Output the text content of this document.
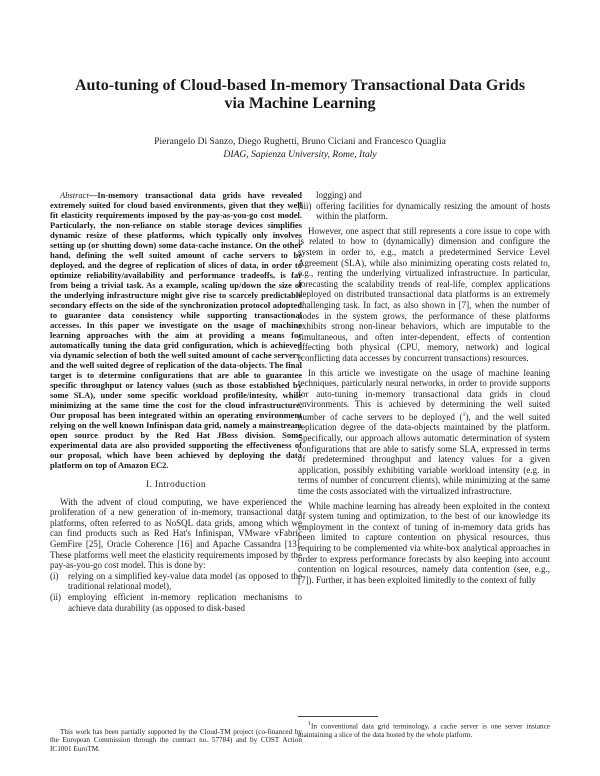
Auto-tuning of Cloud-based In-memory Transactional Data Grids
via Machine Learning
Pierangelo Di Sanzo, Diego Rughetti, Bruno Ciciani and Francesco Quaglia
DIAG, Sapienza University, Rome, Italy

Abstract—In-memory transactional data grids have revealed extremely suited for cloud based environments, given that they well fit elasticity requirements imposed by the pay-as-you-go cost model. Particularly, the non-reliance on stable storage devices simplifies dynamic resize of these platforms, which typically only involves setting up (or shutting down) some data-cache instance. On the other hand, defining the well suited amount of cache servers to be deployed, and the degree of replication of slices of data, in order to optimize reliability/availability and performance tradeoffs, is far from being a trivial task. As a example, scaling up/down the size of the underlying infrastructure might give rise to scarcely predictable secondary effects on the side of the synchronization protocol adopted to guarantee data consistency while supporting transactional accesses. In this paper we investigate on the usage of machine learning approaches with the aim at providing a means for automatically tuning the data grid configuration, which is achieved via dynamic selection of both the well suited amount of cache servers, and the well suited degree of replication of the data-objects. The final target is to determine configurations that are able to guarantee specific throughput or latency values (such as those established by some SLA), under some specific workload profile/intesity, while minimizing at the same time the cost for the cloud infrastructure. Our proposal has been integrated within an operating environment relying on the well known Infinispan data grid, namely a mainstream open source product by the Red Hat JBoss division. Some experimental data are also provided supporting the effectiveness of our proposal, which have been achieved by deploying the data platform on top of Amazon EC2.

I. Introduction

With the advent of cloud computing, we have experienced the proliferation of a new generation of in-memory, transactional data platforms, often referred to as NoSQL data grids, among which we can find products such as Red Hat's Infinispan, VMware vFabric GemFire [25], Oracle Coherence [16] and Apache Cassandra [13]. These platforms well meet the elasticity requirements imposed by the pay-as-you-go cost model. This is done by:

(i)	relying on a simplified key-value data model (as opposed to the traditional relational model),
(ii) employing efficient in-memory replication mechanisms to achieve data durability (as opposed to disk-based
logging) and
(iii) offering facilities for dynamically resizing the amount of hosts within the platform.

However, one aspect that still represents a core issue to cope with is related to how to (dynamically) dimension and configure the system in order to, e.g., match a predetermined Service Level Agreement (SLA), while also minimizing operating costs related to, e.g., renting the underlying virtualized infrastructure. In particular, forecasting the scalability trends of real-life, complex applications deployed on distributed transactional data platforms is an extremely challenging task. In fact, as also shown in [7], when the number of nodes in the system grows, the performance of these platforms exhibits strong non-linear behaviors, which are imputable to the simultaneous, and often inter-dependent, effects of contention affecting both physical (CPU, memory, network) and logical (conflicting data accesses by concurrent transactions) resources.

In this article we investigate on the usage of machine leaning techniques, particularly neural networks, in order to provide supports for auto-tuning in-memory transactional data grids in cloud environments. This is achieved by determining the well suited number of cache servers to be deployed ($^1$), and the well suited replication degree of the data-objects maintained by the platform. Specifically, our approach allows automatic determination of system configurations that are able to satisfy some SLA, expressed in terms of predetermined throughput and latency values for a given application, possibly exhibiting variable workload intensity (e.g. in terms of number of concurrent clients), while minimizing at the same time the costs associated with the virtualized infrastructure.

While machine learning has already been exploited in the context of system tuning and optimization, to the best of our knowledge its employment in the context of tuning of in-memory data grids has been limited to capture contention on physical resources, thus requiring to be complemented via white-box analytical approaches in order to express performance forecasts by also keeping into account contention on logical resources, namely data contention (see, e.g., [7]). Further, it has been exploited limitedly to the context of fully

This work has been partially supported by the Cloud-TM project (co-financed by the European Commission through the contract no. 57784) and by COST Action IC1001 EuroTM.
$^1$In conventional data grid terminology, a cache server is one server instance maintaining a slice of the data hosted by the whole platform.
